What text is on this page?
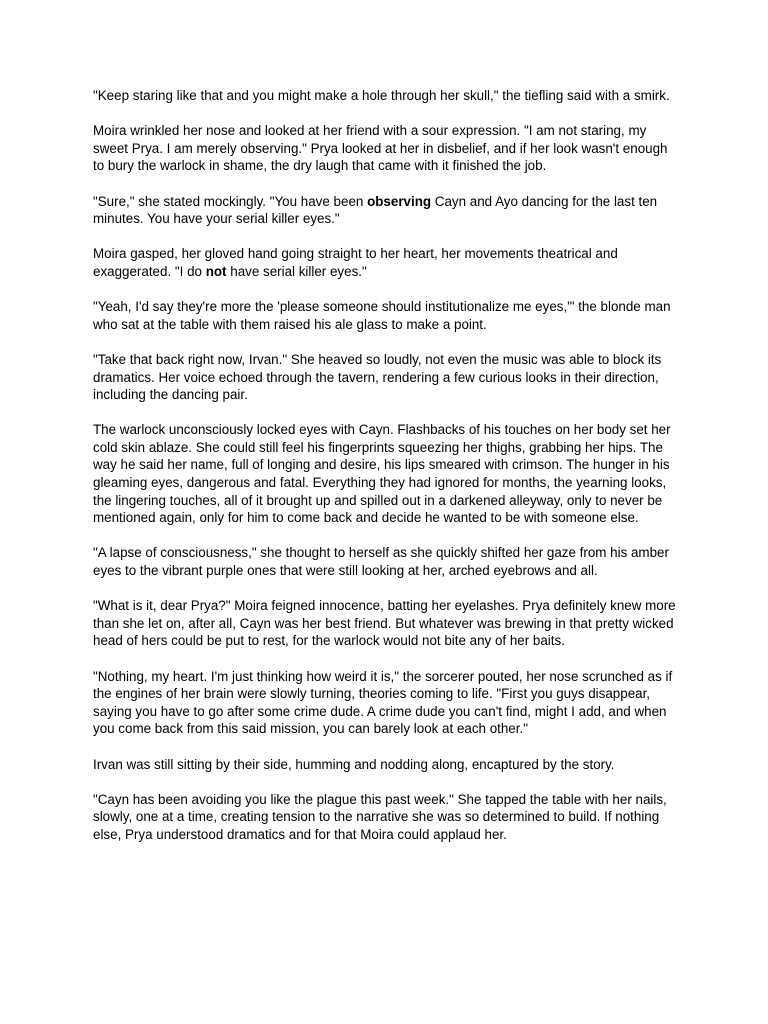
"Keep staring like that and you might make a hole through her skull," the tiefling said with a smirk.

Moira wrinkled her nose and looked at her friend with a sour expression. "I am not staring, my sweet Prya. I am merely observing." Prya looked at her in disbelief, and if her look wasn't enough to bury the warlock in shame, the dry laugh that came with it finished the job.

"Sure," she stated mockingly. "You have been observing Cayn and Ayo dancing for the last ten minutes. You have your serial killer eyes."

Moira gasped, her gloved hand going straight to her heart, her movements theatrical and exaggerated. "I do not have serial killer eyes."

"Yeah, I'd say they're more the 'please someone should institutionalize me eyes,'" the blonde man who sat at the table with them raised his ale glass to make a point.

"Take that back right now, Irvan." She heaved so loudly, not even the music was able to block its dramatics. Her voice echoed through the tavern, rendering a few curious looks in their direction, including the dancing pair.

The warlock unconsciously locked eyes with Cayn. Flashbacks of his touches on her body set her cold skin ablaze. She could still feel his fingerprints squeezing her thighs, grabbing her hips. The way he said her name, full of longing and desire, his lips smeared with crimson. The hunger in his gleaming eyes, dangerous and fatal. Everything they had ignored for months, the yearning looks, the lingering touches, all of it brought up and spilled out in a darkened alleyway, only to never be mentioned again, only for him to come back and decide he wanted to be with someone else.

"A lapse of consciousness," she thought to herself as she quickly shifted her gaze from his amber eyes to the vibrant purple ones that were still looking at her, arched eyebrows and all.

"What is it, dear Prya?" Moira feigned innocence, batting her eyelashes. Prya definitely knew more than she let on, after all, Cayn was her best friend. But whatever was brewing in that pretty wicked head of hers could be put to rest, for the warlock would not bite any of her baits.

"Nothing, my heart. I'm just thinking how weird it is," the sorcerer pouted, her nose scrunched as if the engines of her brain were slowly turning, theories coming to life. "First you guys disappear, saying you have to go after some crime dude. A crime dude you can't find, might I add, and when you come back from this said mission, you can barely look at each other."

Irvan was still sitting by their side, humming and nodding along, encaptured by the story.

"Cayn has been avoiding you like the plague this past week." She tapped the table with her nails, slowly, one at a time, creating tension to the narrative she was so determined to build. If nothing else, Prya understood dramatics and for that Moira could applaud her.
